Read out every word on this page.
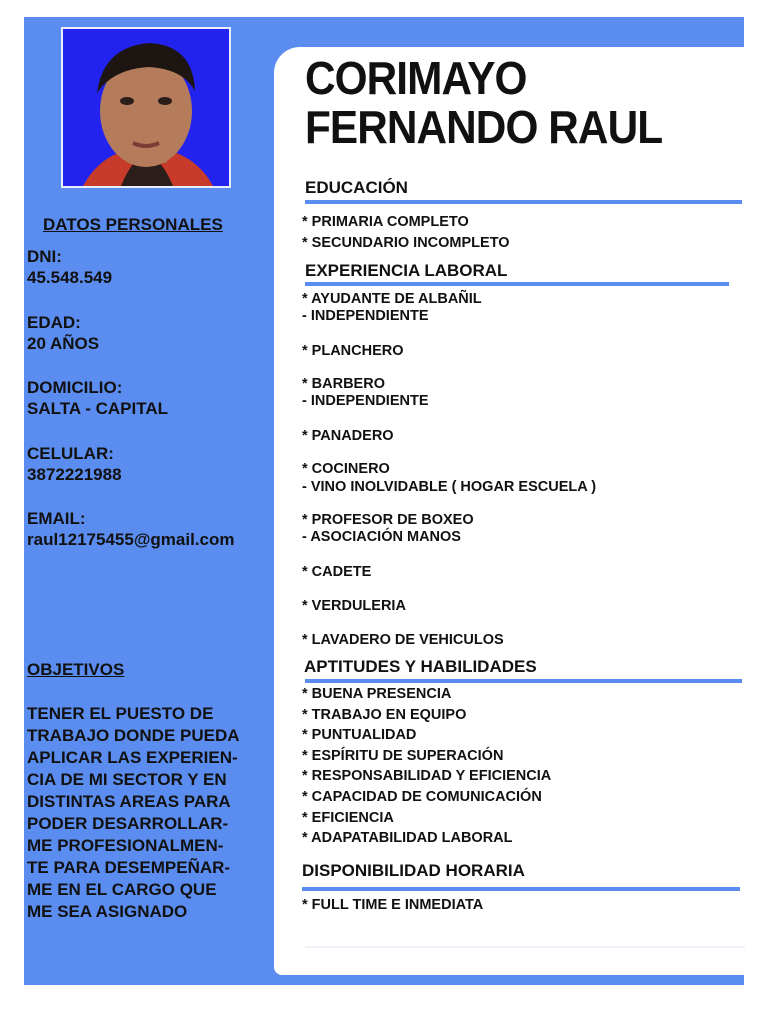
DATOS PERSONALES
DNI:
45.548.549
EDAD:
20 AÑOS
DOMICILIO:
SALTA - CAPITAL
CELULAR:
3872221988
EMAIL:
raul12175455@gmail.com
OBJETIVOS
TENER EL PUESTO DE
TRABAJO DONDE PUEDA
APLICAR LAS EXPERIEN-
CIA DE MI SECTOR Y EN
DISTINTAS AREAS PARA
PODER DESARROLLAR-
ME PROFESIONALMEN-
TE PARA DESEMPEÑAR-
ME EN EL CARGO QUE
ME SEA ASIGNADO
CORIMAYO
FERNANDO RAUL
EDUCACIÓN
* PRIMARIA COMPLETO
* SECUNDARIO INCOMPLETO
EXPERIENCIA LABORAL
* AYUDANTE DE ALBAÑIL
- INDEPENDIENTE
* PLANCHERO
* BARBERO
- INDEPENDIENTE
* PANADERO
* COCINERO
- VINO INOLVIDABLE ( HOGAR ESCUELA )
* PROFESOR DE BOXEO
- ASOCIACIÓN MANOS
* CADETE
* VERDULERIA
* LAVADERO DE VEHICULOS
APTITUDES Y HABILIDADES
* BUENA PRESENCIA
* TRABAJO EN EQUIPO
* PUNTUALIDAD
* ESPÍRITU DE SUPERACIÓN
* RESPONSABILIDAD Y EFICIENCIA
* CAPACIDAD DE COMUNICACIÓN
* EFICIENCIA
* ADAPATABILIDAD LABORAL
DISPONIBILIDAD HORARIA
* FULL TIME E INMEDIATA
